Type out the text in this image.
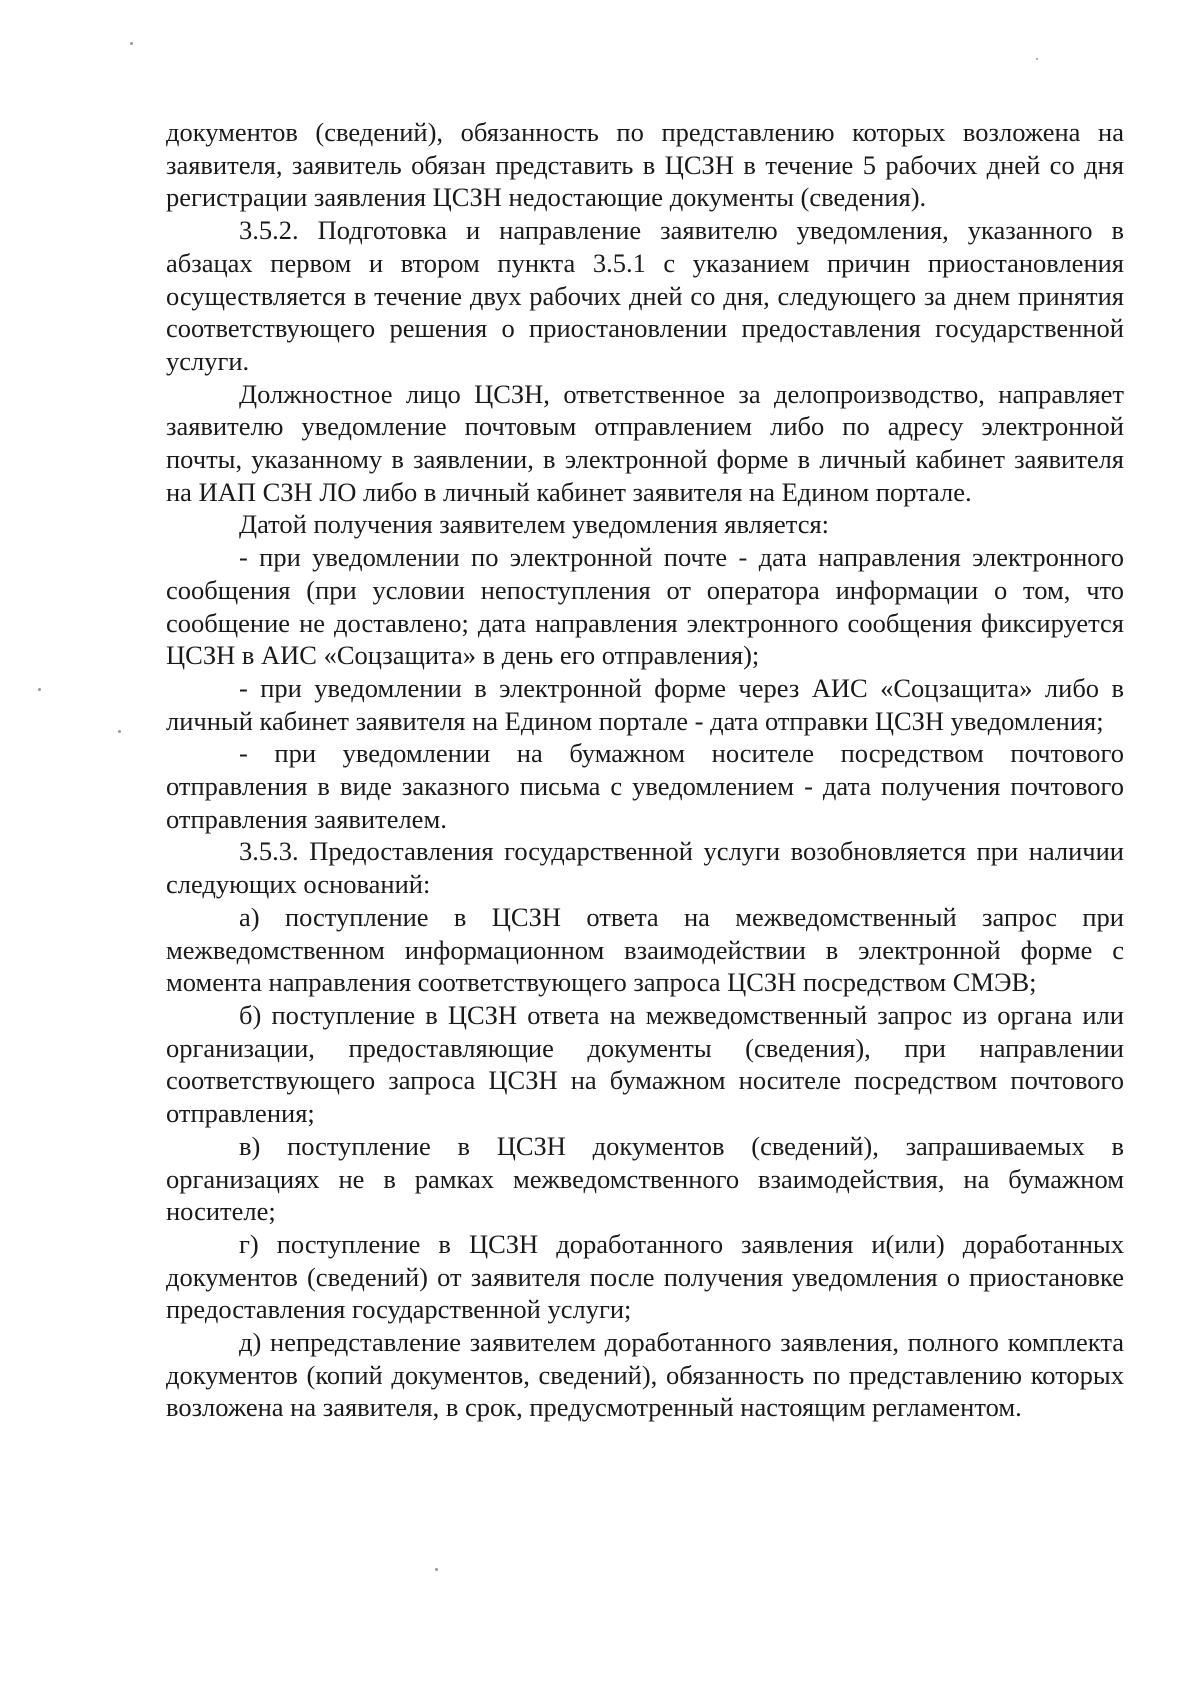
документов (сведений), обязанность по представлению которых возложена на заявителя, заявитель обязан представить в ЦСЗН в течение 5 рабочих дней со дня регистрации заявления ЦСЗН недостающие документы (сведения).

3.5.2. Подготовка и направление заявителю уведомления, указанного в абзацах первом и втором пункта 3.5.1 с указанием причин приостановления осуществляется в течение двух рабочих дней со дня, следующего за днем принятия соответствующего решения о приостановлении предоставления государственной услуги.

Должностное лицо ЦСЗН, ответственное за делопроизводство, направляет заявителю уведомление почтовым отправлением либо по адресу электронной почты, указанному в заявлении, в электронной форме в личный кабинет заявителя на ИАП СЗН ЛО либо в личный кабинет заявителя на Едином портале.

Датой получения заявителем уведомления является:

- при уведомлении по электронной почте - дата направления электронного сообщения (при условии непоступления от оператора информации о том, что сообщение не доставлено; дата направления электронного сообщения фиксируется ЦСЗН в АИС «Соцзащита» в день его отправления);

- при уведомлении в электронной форме через АИС «Соцзащита» либо в личный кабинет заявителя на Едином портале - дата отправки ЦСЗН уведомления;

- при уведомлении на бумажном носителе посредством почтового отправления в виде заказного письма с уведомлением - дата получения почтового отправления заявителем.

3.5.3. Предоставления государственной услуги возобновляется при наличии следующих оснований:

а) поступление в ЦСЗН ответа на межведомственный запрос при межведомственном информационном взаимодействии в электронной форме с момента направления соответствующего запроса ЦСЗН посредством СМЭВ;

б) поступление в ЦСЗН ответа на межведомственный запрос из органа или организации, предоставляющие документы (сведения), при направлении соответствующего запроса ЦСЗН на бумажном носителе посредством почтового отправления;

в) поступление в ЦСЗН документов (сведений), запрашиваемых в организациях не в рамках межведомственного взаимодействия, на бумажном носителе;

г) поступление в ЦСЗН доработанного заявления и(или) доработанных документов (сведений) от заявителя после получения уведомления о приостановке предоставления государственной услуги;

д) непредставление заявителем доработанного заявления, полного комплекта документов (копий документов, сведений), обязанность по представлению которых возложена на заявителя, в срок, предусмотренный настоящим регламентом.
